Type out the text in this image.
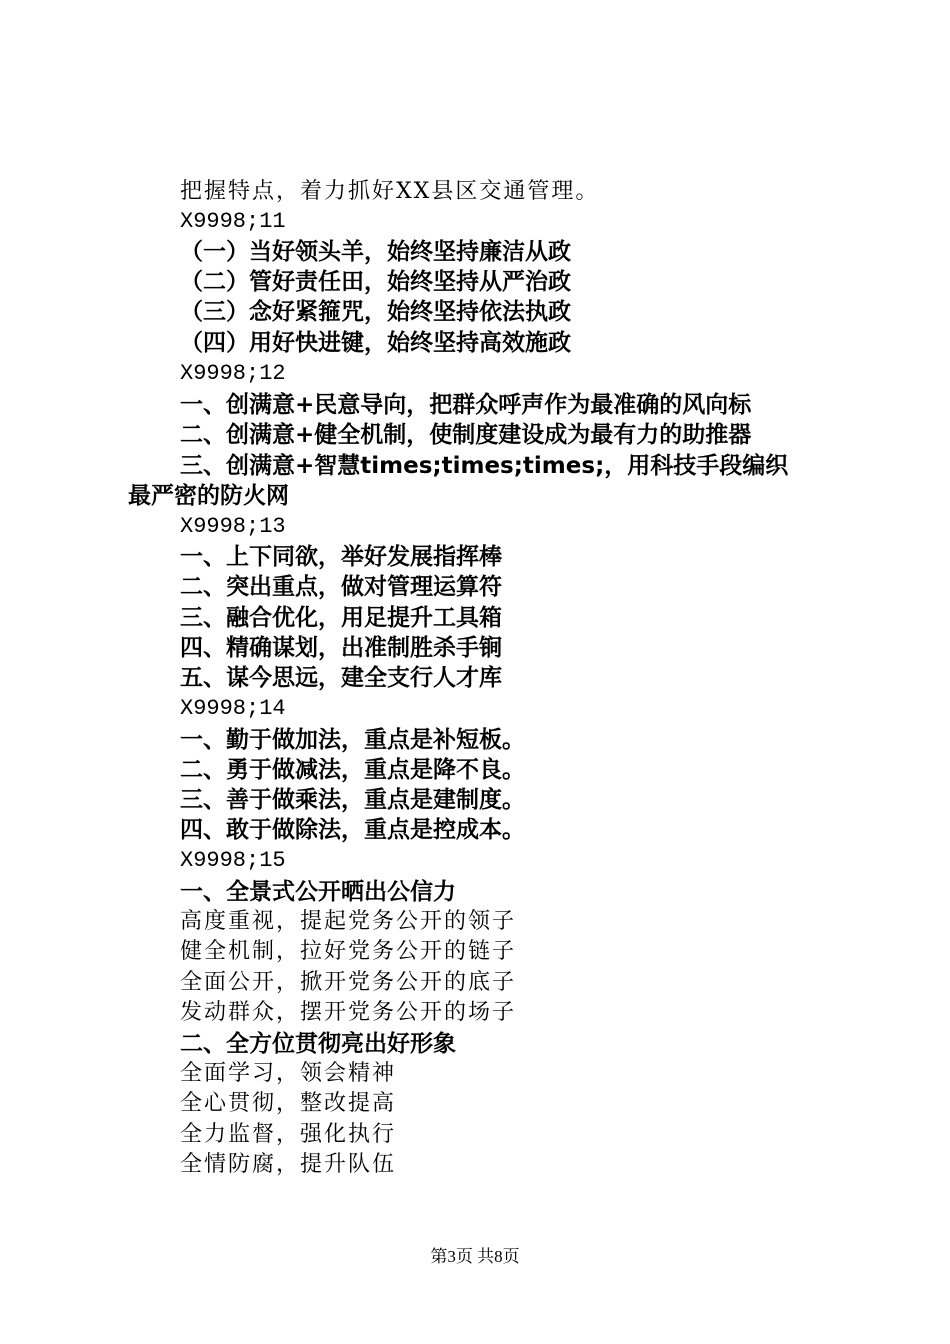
把握特点，着力抓好XX县区交通管理。
X9998;11
（一）当好领头羊，始终坚持廉洁从政
（二）管好责任田，始终坚持从严治政
（三）念好紧箍咒，始终坚持依法执政
（四）用好快进键，始终坚持高效施政
X9998;12
一、创满意+民意导向，把群众呼声作为最准确的风向标
二、创满意+健全机制，使制度建设成为最有力的助推器
三、创满意+智慧times;times;times;，用科技手段编织
最严密的防火网
X9998;13
一、上下同欲，举好发展指挥棒
二、突出重点，做对管理运算符
三、融合优化，用足提升工具箱
四、精确谋划，出准制胜杀手锏
五、谋今思远，建全支行人才库
X9998;14
一、勤于做加法，重点是补短板。
二、勇于做减法，重点是降不良。
三、善于做乘法，重点是建制度。
四、敢于做除法，重点是控成本。
X9998;15
一、全景式公开晒出公信力
高度重视，提起党务公开的领子
健全机制，拉好党务公开的链子
全面公开，掀开党务公开的底子
发动群众，摆开党务公开的场子
二、全方位贯彻亮出好形象
全面学习，领会精神
全心贯彻，整改提高
全力监督，强化执行
全情防腐，提升队伍
第3页 共8页
